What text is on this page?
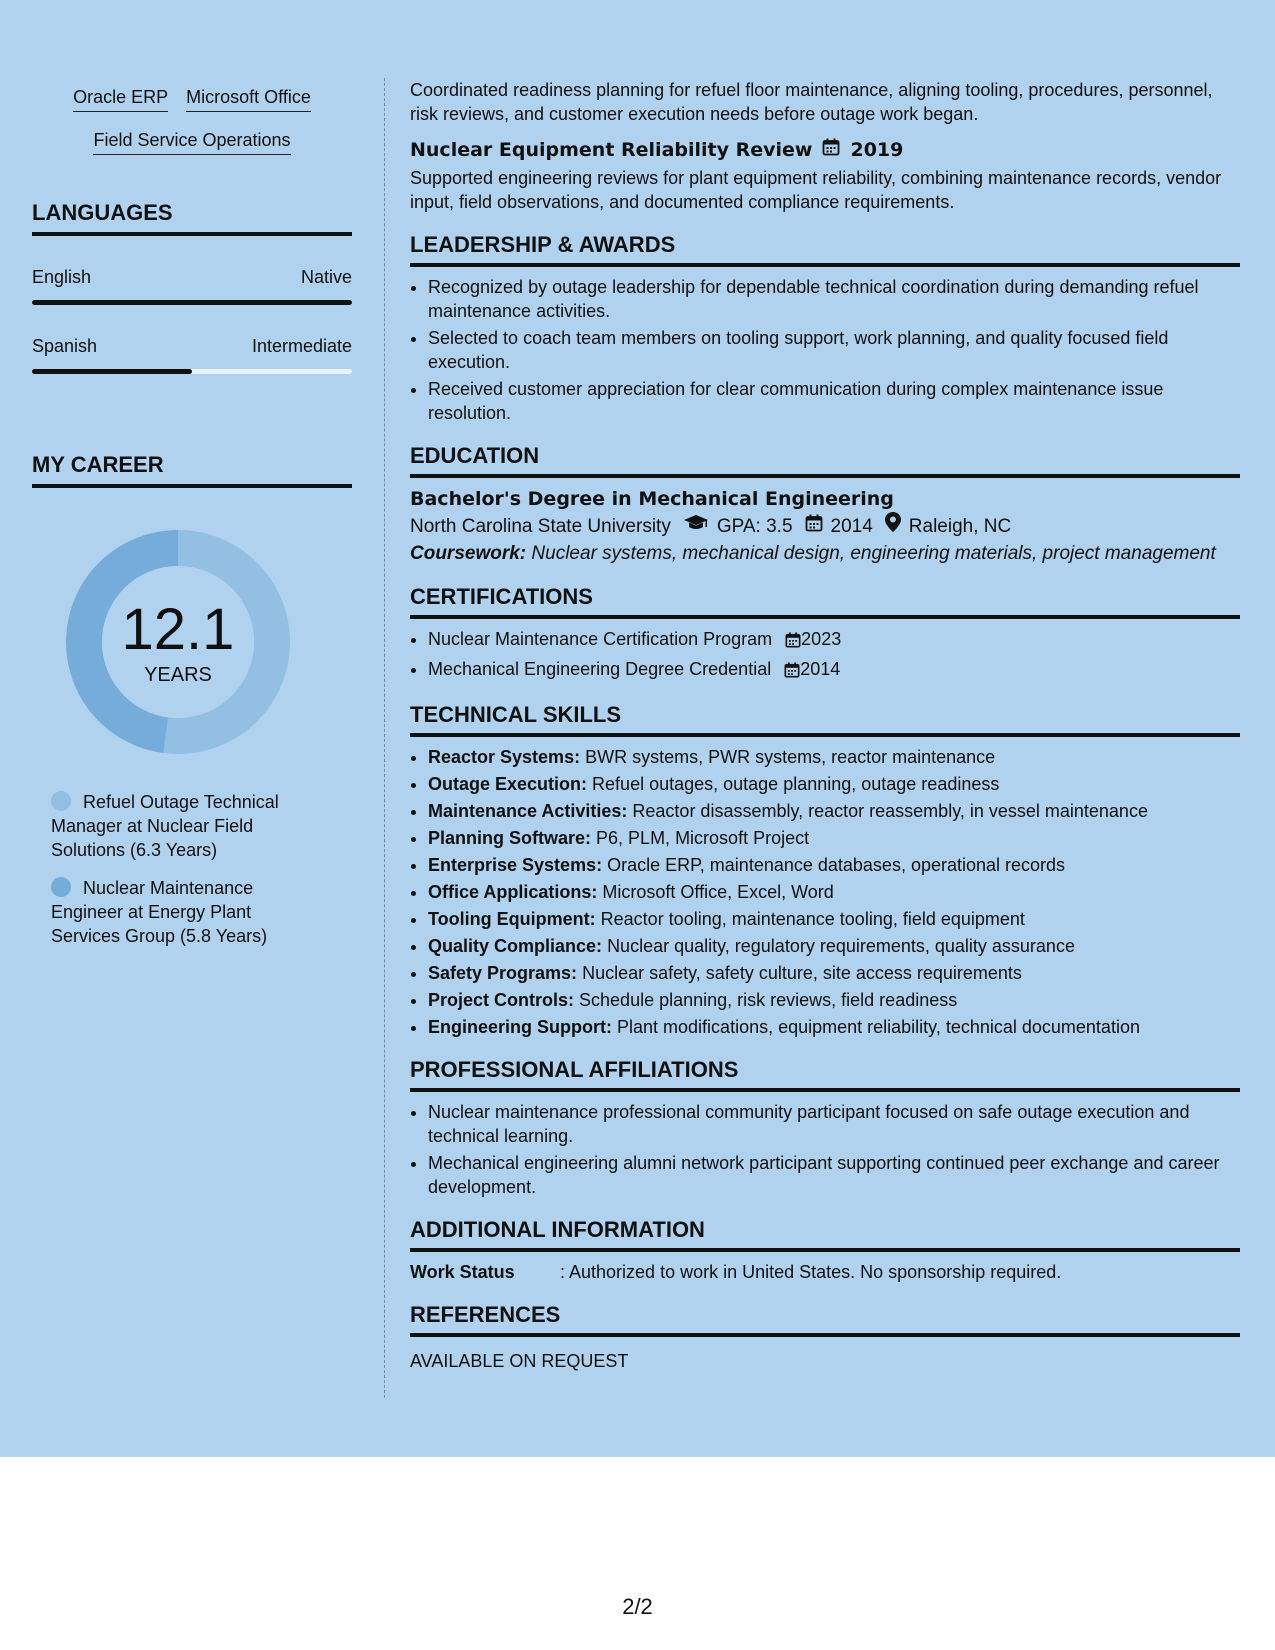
Oracle ERP Microsoft Office
Field Service Operations
LANGUAGES
English	Native
Spanish	Intermediate
MY CAREER
12.1
YEARS
Refuel Outage Technical Manager at Nuclear Field Solutions (6.3 Years)
Nuclear Maintenance Engineer at Energy Plant Services Group (5.8 Years)

Coordinated readiness planning for refuel floor maintenance, aligning tooling, procedures, personnel, risk reviews, and customer execution needs before outage work began.

Nuclear Equipment Reliability Review 2019

Supported engineering reviews for plant equipment reliability, combining maintenance records, vendor input, field observations, and documented compliance requirements.

LEADERSHIP & AWARDS
• Recognized by outage leadership for dependable technical coordination during demanding refuel maintenance activities.
• Selected to coach team members on tooling support, work planning, and quality focused field execution.
• Received customer appreciation for clear communication during complex maintenance issue resolution.
EDUCATION
Bachelor's Degree in Mechanical Engineering
North Carolina State University GPA: 3.5 2014 Raleigh, NC
Coursework: Nuclear systems, mechanical design, engineering materials, project management
CERTIFICATIONS
• Nuclear Maintenance Certification Program 2023
• Mechanical Engineering Degree Credential 2014
TECHNICAL SKILLS
• Reactor Systems: BWR systems, PWR systems, reactor maintenance
• Outage Execution: Refuel outages, outage planning, outage readiness
• Maintenance Activities: Reactor disassembly, reactor reassembly, in vessel maintenance
• Planning Software: P6, PLM, Microsoft Project
• Enterprise Systems: Oracle ERP, maintenance databases, operational records
• Office Applications: Microsoft Office, Excel, Word
• Tooling Equipment: Reactor tooling, maintenance tooling, field equipment
• Quality Compliance: Nuclear quality, regulatory requirements, quality assurance
• Safety Programs: Nuclear safety, safety culture, site access requirements
• Project Controls: Schedule planning, risk reviews, field readiness
• Engineering Support: Plant modifications, equipment reliability, technical documentation
PROFESSIONAL AFFILIATIONS
• Nuclear maintenance professional community participant focused on safe outage execution and technical learning.
• Mechanical engineering alumni network participant supporting continued peer exchange and career development.
ADDITIONAL INFORMATION
Work Status	: Authorized to work in United States. No sponsorship required.
REFERENCES
AVAILABLE ON REQUEST
2/2
